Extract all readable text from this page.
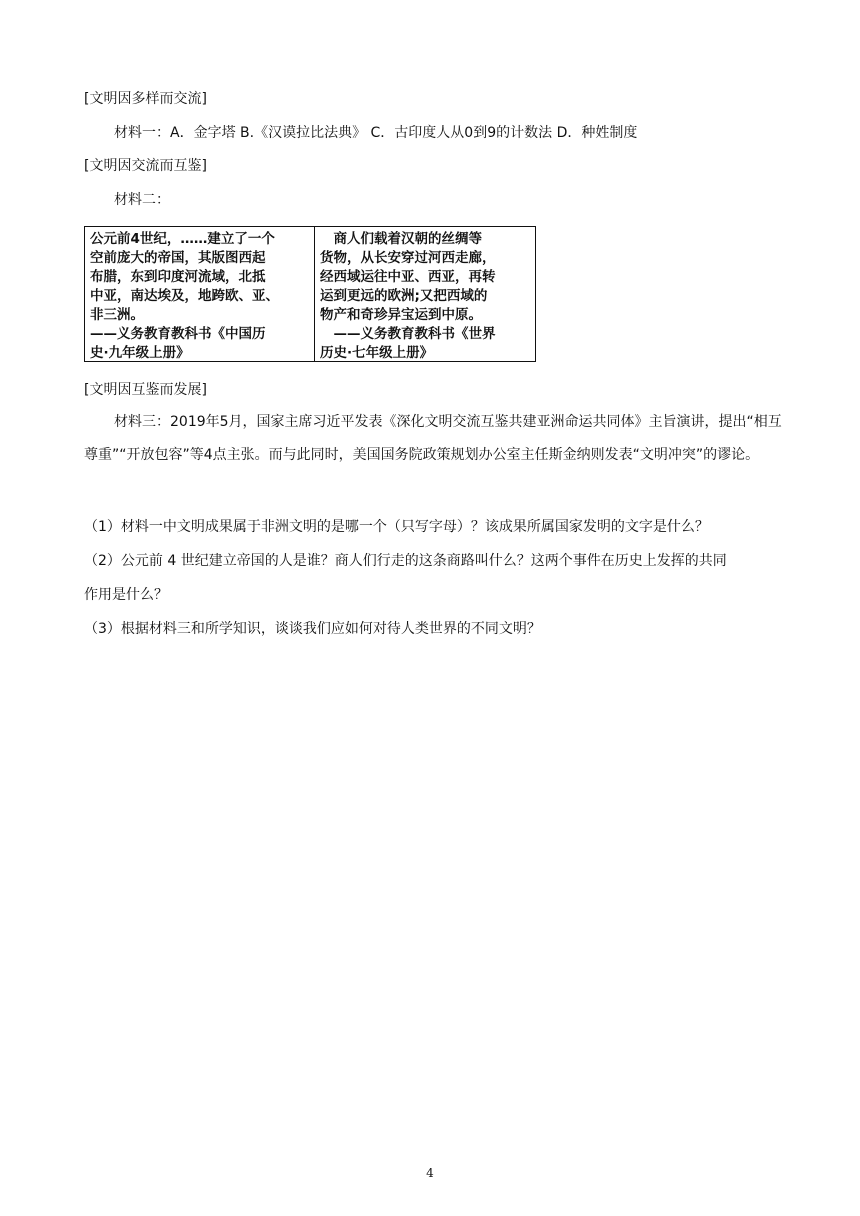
[文明因多样而交流]
材料一：A．金字塔 B.《汉谟拉比法典》 C．古印度人从0到9的计数法 D．种姓制度
[文明因交流而互鉴]
材料二：
公元前4世纪，……建立了一个
空前庞大的帝国，其版图西起
布腊，东到印度河流域，北抵
中亚，南达埃及，地跨欧、亚、
非三洲。
——义务教育教科书《中国历
史·九年级上册》
　商人们载着汉朝的丝绸等
货物，从长安穿过河西走廊，
经西域运往中亚、西亚，再转
运到更远的欧洲;又把西域的
物产和奇珍异宝运到中原。
　——义务教育教科书《世界
历史·七年级上册》
[文明因互鉴而发展]
材料三：2019年5月，国家主席习近平发表《深化文明交流互鉴共建亚洲命运共同体》主旨演讲，提出“相互尊重”“开放包容”等4点主张。而与此同时，美国国务院政策规划办公室主任斯金纳则发表“文明冲突”的谬论。
（1）材料一中文明成果属于非洲文明的是哪一个（只写字母）？该成果所属国家发明的文字是什么？
（2）公元前 4 世纪建立帝国的人是谁？商人们行走的这条商路叫什么？这两个事件在历史上发挥的共同
作用是什么？
（3）根据材料三和所学知识，谈谈我们应如何对待人类世界的不同文明？
4
